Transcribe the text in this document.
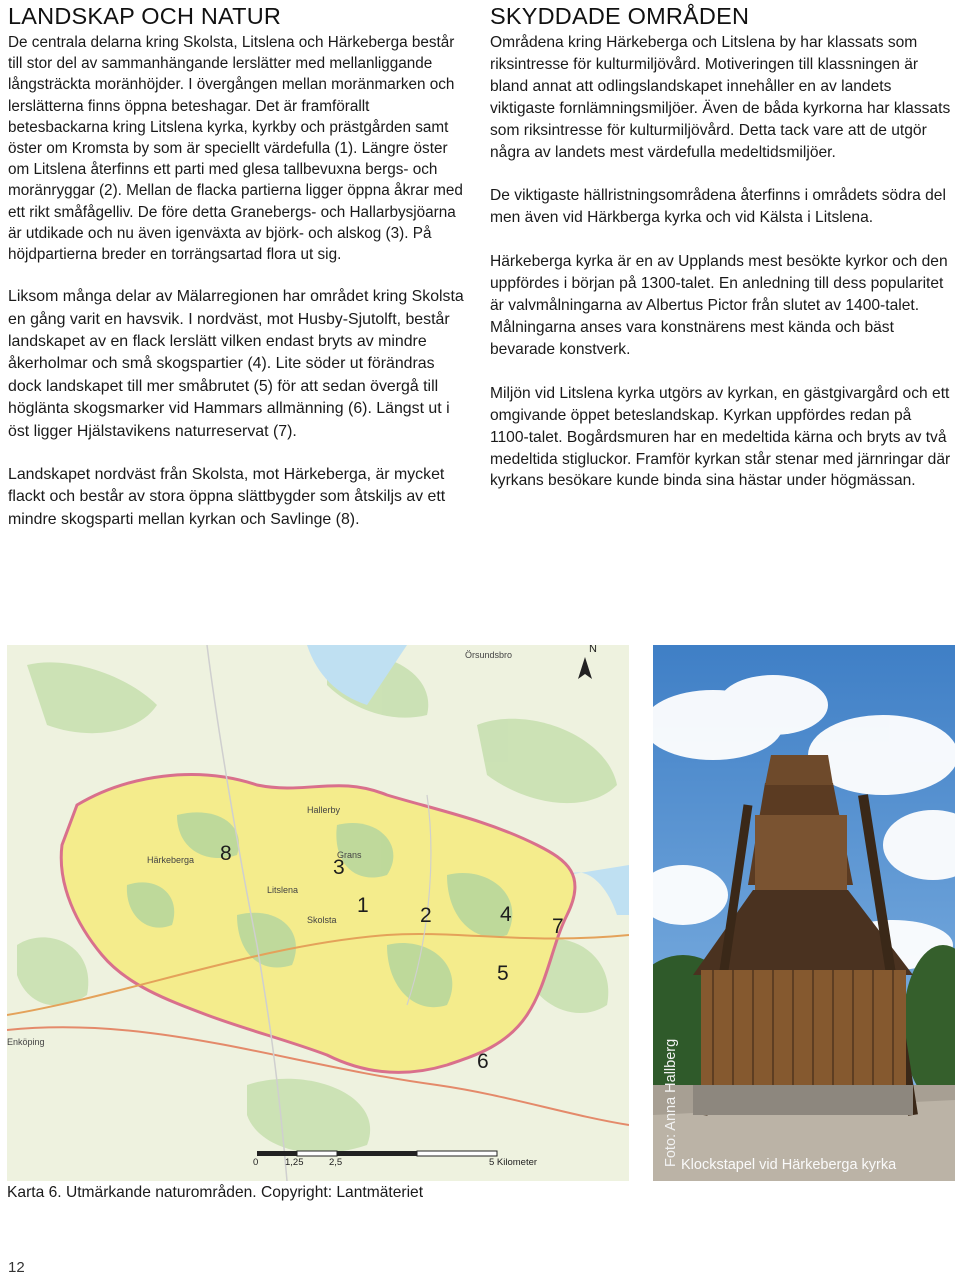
LANDSKAP OCH NATUR

De centrala delarna kring Skolsta, Litslena och Härkeberga består till stor del av sammanhängande lerslätter med mellanliggande långsträckta moränhöjder. I övergången mellan moränmarken och lerslätterna finns öppna beteshagar. Det är framförallt betesbackarna kring Litslena kyrka, kyrkby och prästgården samt öster om Kromsta by som är speciellt värdefulla (1). Längre öster om Litslena återfinns ett parti med glesa tallbevuxna bergs- och moränryggar (2). Mellan de flacka partierna ligger öppna åkrar med ett rikt småfågelliv. De före detta Granebergs- och Hallarbysjöarna är utdikade och nu även igenväxta av björk- och alskog (3). På höjdpartierna breder en torrängsartad flora ut sig.

Liksom många delar av Mälarregionen har området kring Skolsta en gång varit en havsvik. I nordväst, mot Husby-Sjutolft, består landskapet av en flack lerslätt vilken endast bryts av mindre åkerholmar och små skogspartier (4). Lite söder ut förändras dock landskapet till mer småbrutet (5) för att sedan övergå till höglänta skogsmarker vid Hammars allmänning (6). Längst ut i öst ligger Hjälstavikens naturreservat (7).

Landskapet nordväst från Skolsta, mot Härkeberga, är mycket flackt och består av stora öppna slättbygder som åtskiljs av ett mindre skogsparti mellan kyrkan och Savlinge (8).

SKYDDADE OMRÅDEN

Områdena kring Härkeberga och Litslena by har klassats som riksintresse för kulturmiljövård. Motiveringen till klassningen är bland annat att odlingslandskapet innehåller en av landets viktigaste fornlämningsmiljöer. Även de båda kyrkorna har klassats som riksintresse för kulturmiljövård. Detta tack vare att de utgör några av landets mest värdefulla medeltidsmiljöer.

De viktigaste hällristningsområdena återfinns i områdets södra del men även vid Härkberga kyrka och vid Kälsta i Litslena.

Härkeberga kyrka är en av Upplands mest besökte kyrkor och den uppfördes i början på 1300-talet. En anledning till dess popularitet är valvmålningarna av Albertus Pictor från slutet av 1400-talet. Målningarna anses vara konstnärens mest kända och bäst bevarade konstverk.

Miljön vid Litslena kyrka utgörs av kyrkan, en gästgivargård och ett omgivande öppet beteslandskap. Kyrkan uppfördes redan på 1100-talet. Bogårdsmuren har en medeltida kärna och bryts av två medeltida stigluckor. Framför kyrkan står stenar med järnringar där kyrkans besökare kunde binda sina hästar under högmässan.

N
Örsundsbro
Enköping
Skolsta
Litslena
Härkeberga	Grans
Hallerby
8
3
1 2	4
7
5
6
0	1,25	2,5	5 Kilometer
Karta 6. Utmärkande naturområden. Copyright: Lantmäteriet
Foto: Anna Hallberg Klockstapel vid Härkeberga kyrka
12
